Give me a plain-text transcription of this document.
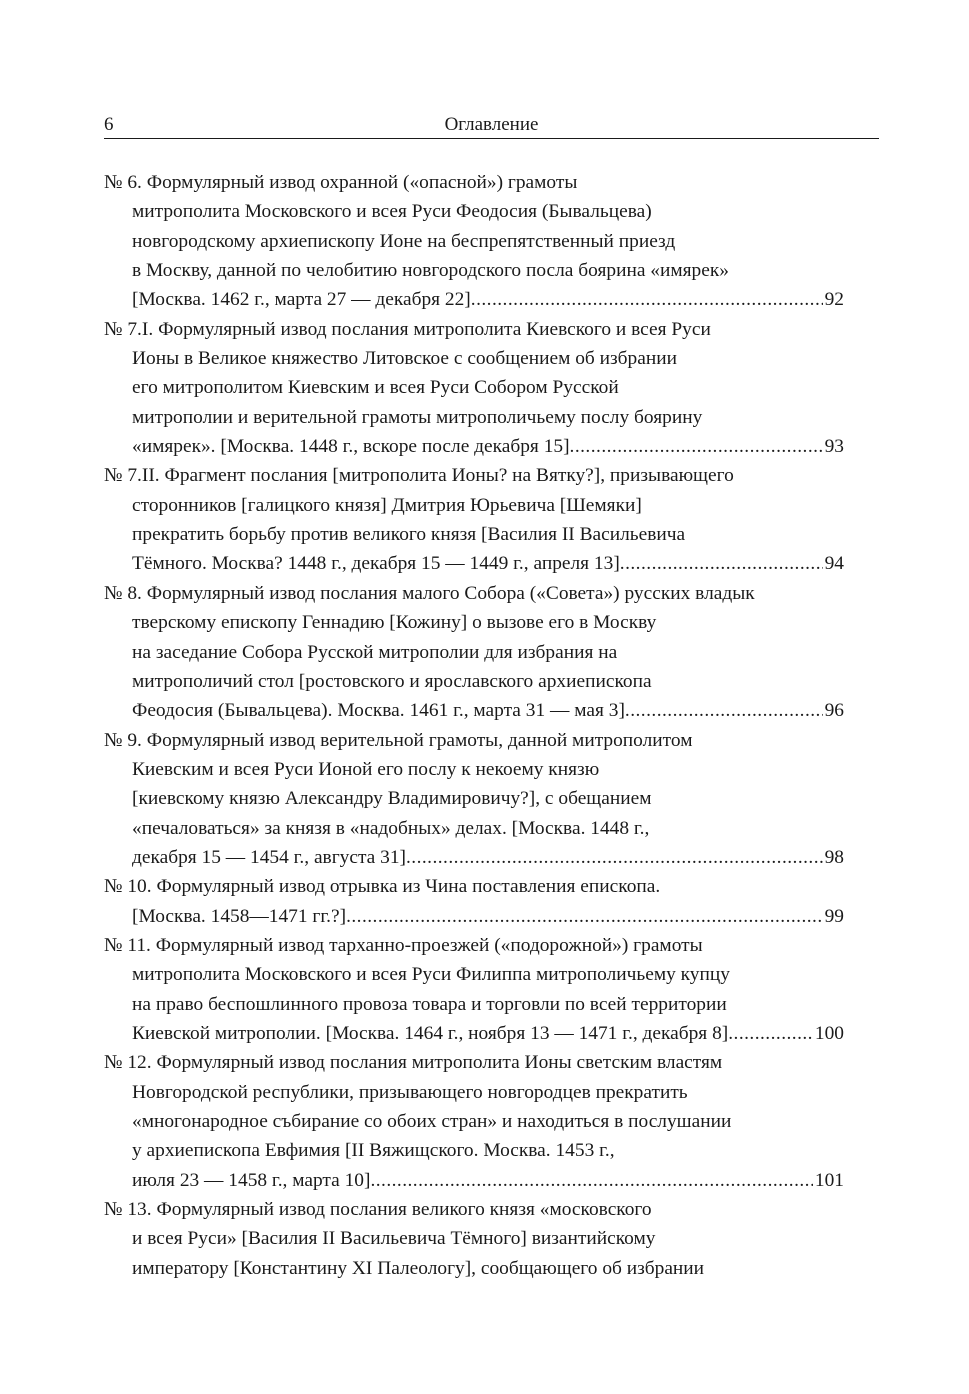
6	Оглавление
№ 6. Формулярный извод охранной («опасной») грамоты
митрополита Московского и всея Руси Феодосия (Бывальцева)
новгородскому архиепископу Ионе на беспрепятственный приезд
в Москву, данной по челобитию новгородского посла боярина «имярек»
[Москва. 1462 г., марта 27 — декабря 22] . . .	92
№ 7.I. Формулярный извод послания митрополита Киевского и всея Руси
Ионы в Великое княжество Литовское с сообщением об избрании
его митрополитом Киевским и всея Руси Собором Русской
митрополии и верительной грамоты митрополичьему послу боярину
«имярек». [Москва. 1448 г., вскоре после декабря 15] . . .	93
№ 7.II. Фрагмент послания [митрополита Ионы? на Вятку?], призывающего
сторонников [галицкого князя] Дмитрия Юрьевича [Шемяки]
прекратить борьбу против великого князя [Василия II Васильевича
Тёмного. Москва? 1448 г., декабря 15 — 1449 г., апреля 13] . . .	94
№ 8. Формулярный извод послания малого Собора («Совета») русских владык
тверскому епископу Геннадию [Кожину] о вызове его в Москву
на заседание Собора Русской митрополии для избрания на
митрополичий стол [ростовского и ярославского архиепископа
Феодосия (Бывальцева). Москва. 1461 г., марта 31 — мая 3] . . .	96
№ 9. Формулярный извод верительной грамоты, данной митрополитом
Киевским и всея Руси Ионой его послу к некоему князю
[киевскому князю Александру Владимировичу?], с обещанием
«печаловаться» за князя в «надобных» делах. [Москва. 1448 г.,
декабря 15 — 1454 г., августа 31] . . .	98
№ 10. Формулярный извод отрывка из Чина поставления епископа.
[Москва. 1458—1471 гг.?] . . .	99
№ 11. Формулярный извод тарханно-проезжей («подорожной») грамоты
митрополита Московского и всея Руси Филиппа митрополичьему купцу
на право беспошлинного провоза товара и торговли по всей территории
Киевской митрополии. [Москва. 1464 г., ноября 13 — 1471 г., декабря 8] . . .	100
№ 12. Формулярный извод послания митрополита Ионы светским властям
Новгородской республики, призывающего новгородцев прекратить
«многонародное събирание со обоих стран» и находиться в послушании
у архиепископа Евфимия [II Вяжищского. Москва. 1453 г.,
июля 23 — 1458 г., марта 10] . . .	101
№ 13. Формулярный извод послания великого князя «московского
и всея Руси» [Василия II Васильевича Тёмного] византийскому
императору [Константину XI Палеологу], сообщающего об избрании
